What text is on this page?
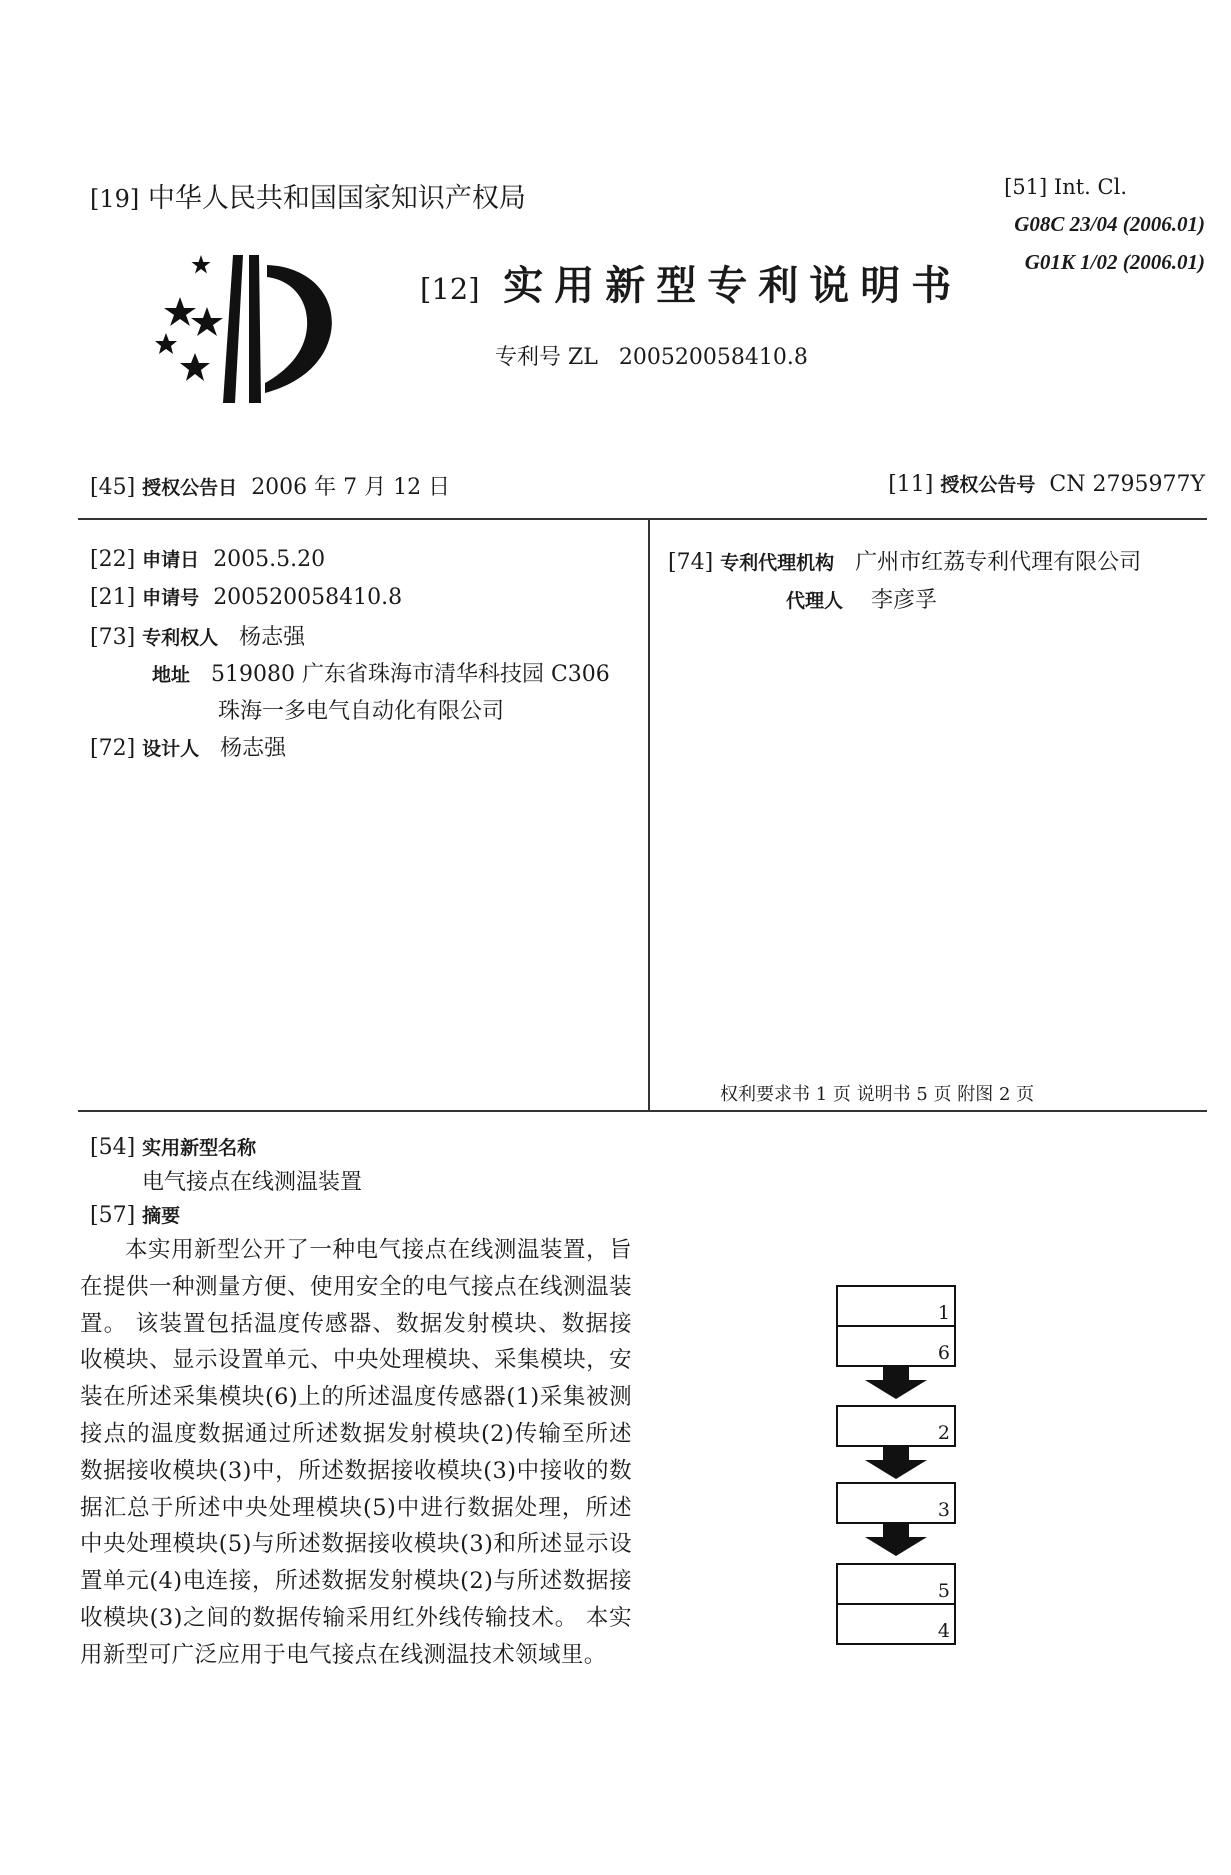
[19] 中华人民共和国国家知识产权局
[12] 实用新型专利说明书
专利号 ZL 200520058410.8
[51] Int. Cl.
G08C 23/04 (2006.01)
G01K 1/02 (2006.01)
[45] 授权公告日 2006 年 7 月 12 日	[11] 授权公告号 CN 2795977Y
[22] 申请日 2005.5.20
[21] 申请号 200520058410.8
[73] 专利权人 杨志强
地址 519080 广东省珠海市清华科技园 C306
珠海一多电气自动化有限公司
[72] 设计人 杨志强
[74] 专利代理机构 广州市红荔专利代理有限公司
代理人 李彦孚
权利要求书 1 页 说明书 5 页 附图 2 页
[54] 实用新型名称
电气接点在线测温装置
[57] 摘要
本实用新型公开了一种电气接点在线测温装置，旨在提供一种测量方便、使用安全的电气接点在线测温装置。 该装置包括温度传感器、数据发射模块、数据接收模块、显示设置单元、中央处理模块、采集模块，安装在所述采集模块(6)上的所述温度传感器(1)采集被测接点的温度数据通过所述数据发射模块(2)传输至所述数据接收模块(3)中，所述数据接收模块(3)中接收的数据汇总于所述中央处理模块(5)中进行数据处理，所述中央处理模块(5)与所述数据接收模块(3)和所述显示设置单元(4)电连接，所述数据发射模块(2)与所述数据接收模块(3)之间的数据传输采用红外线传输技术。 本实用新型可广泛应用于电气接点在线测温技术领域里。
1
6
2
3
5
4
